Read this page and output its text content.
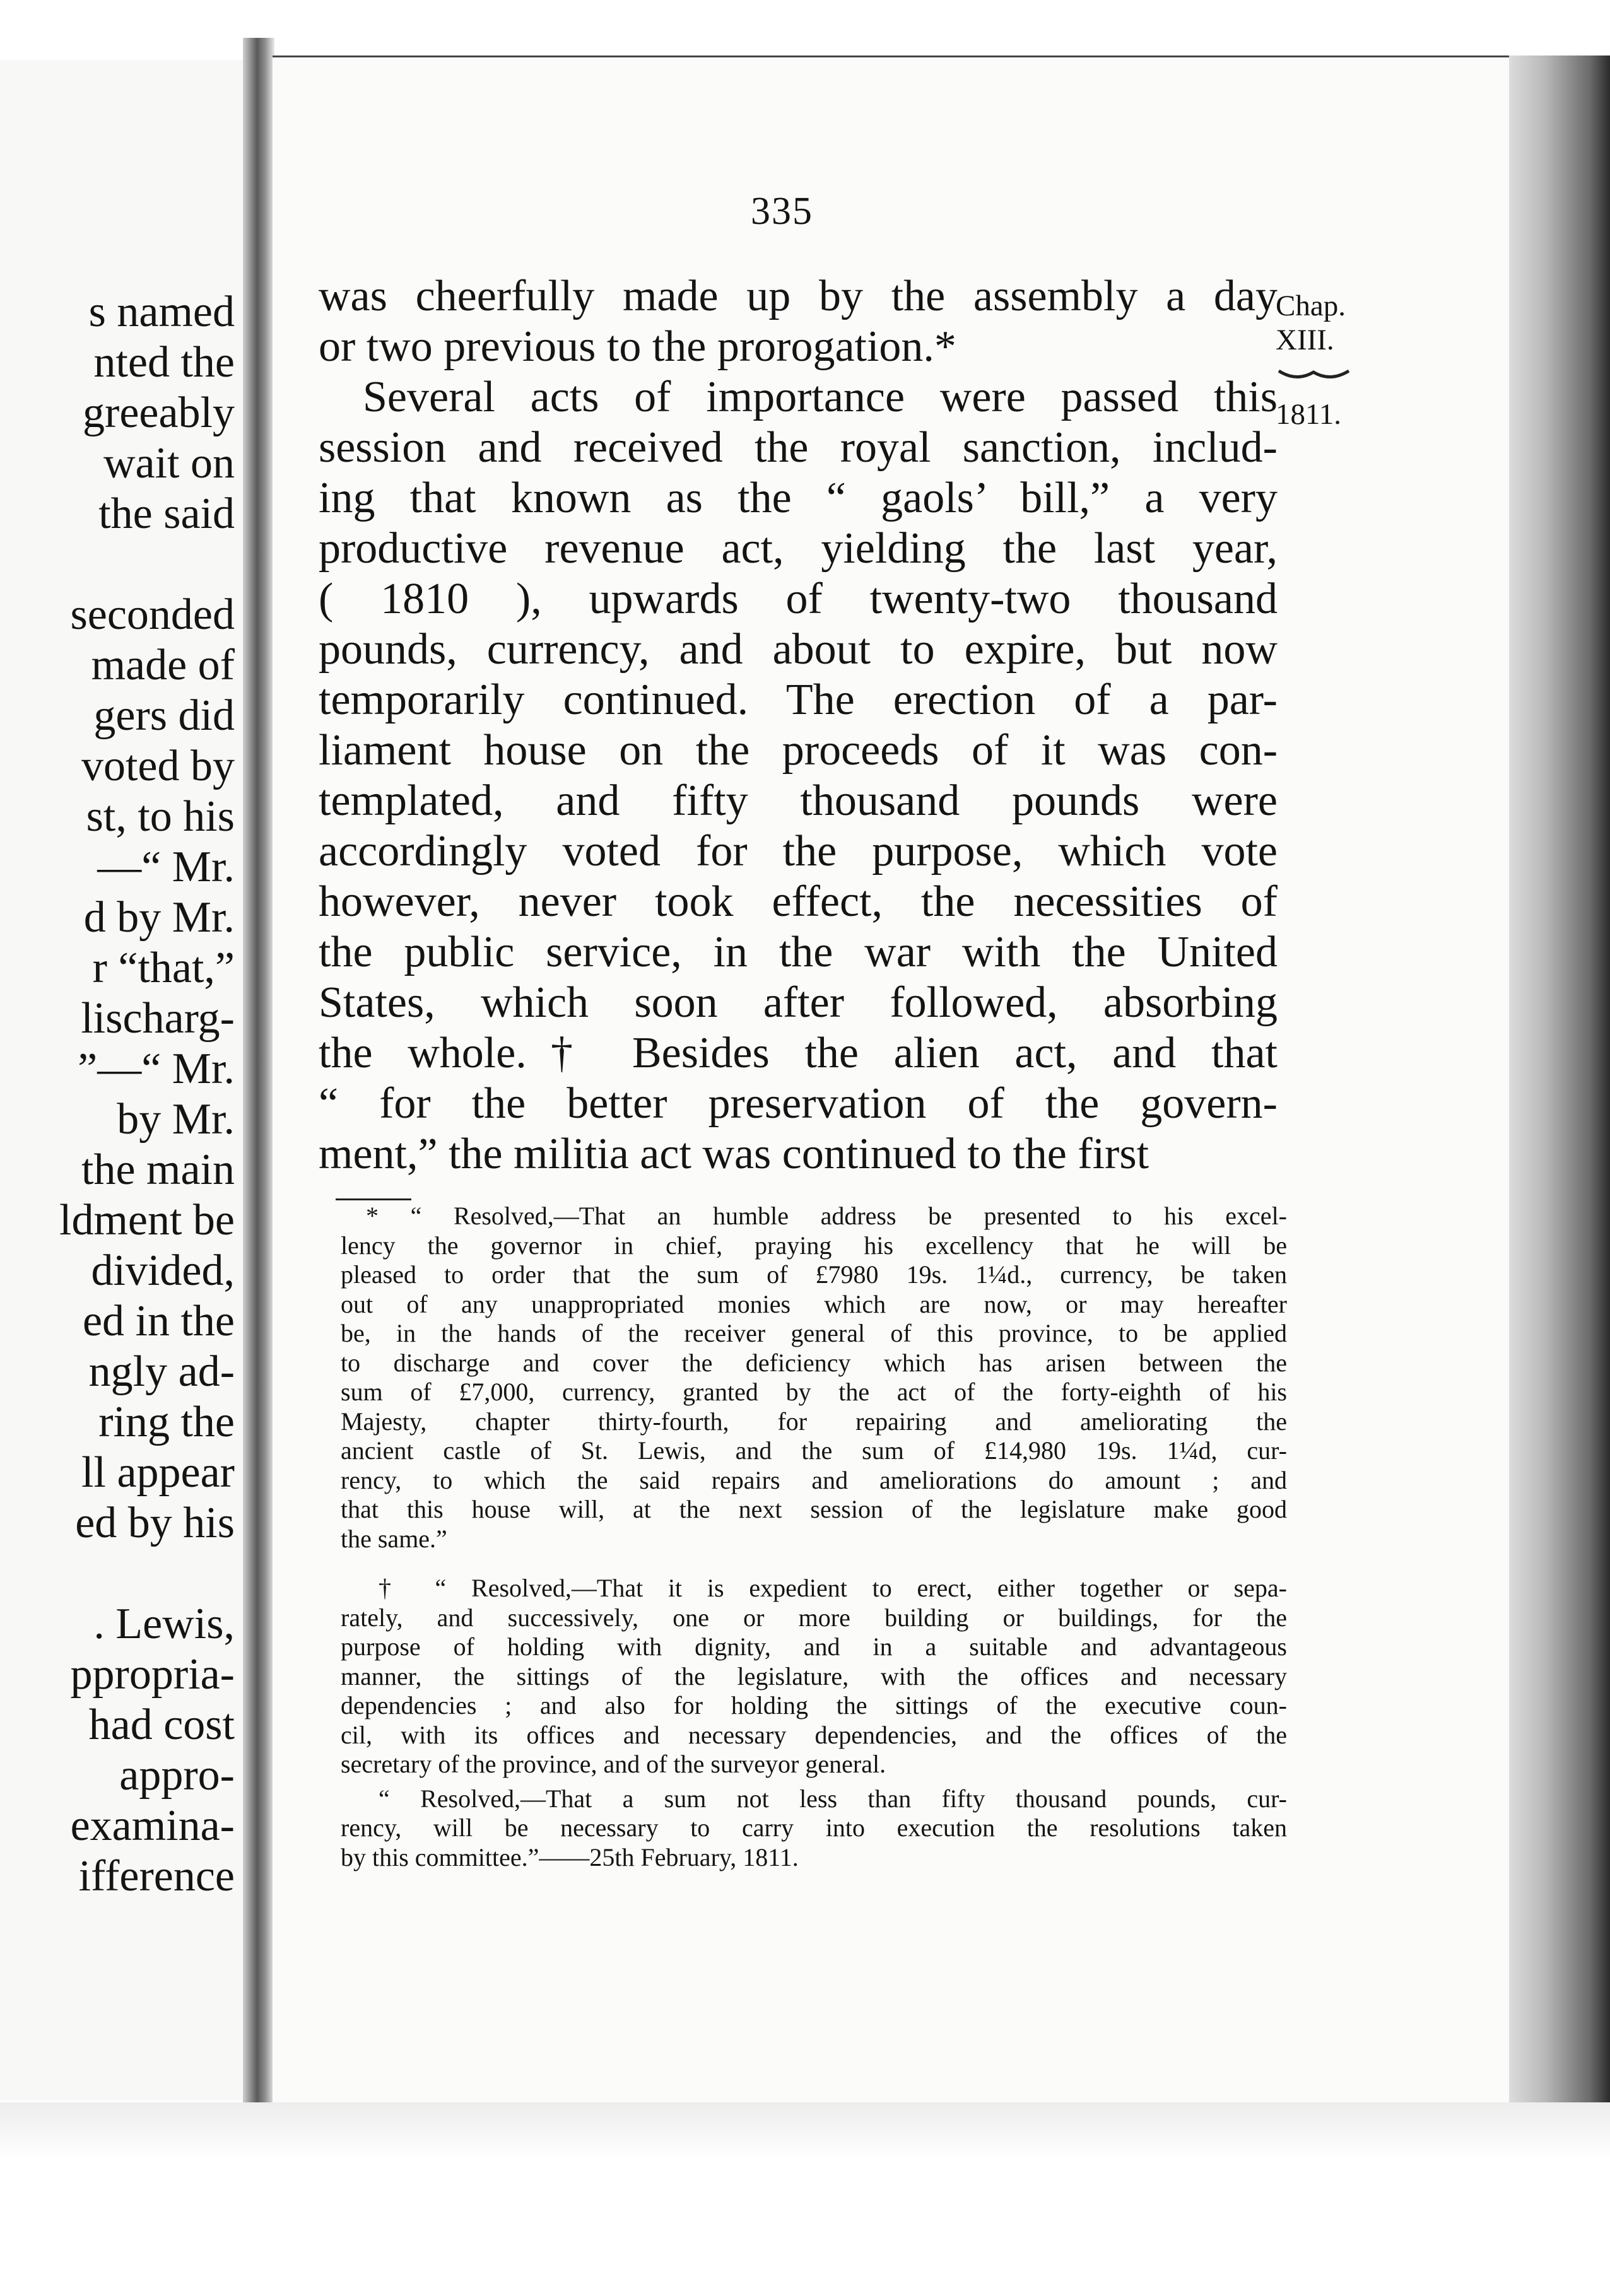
s named
nted the
greeably
wait on
the said
seconded
made of
gers did
voted by
st, to his
—“ Mr.
d by Mr.
r “that,”
lischarg-
”—“ Mr.
by Mr.
the main
ldment be
divided,
ed in the
ngly ad-
ring the
ll appear
ed by his
. Lewis,
ppropria-
had cost
appro-
examina-
ifference
335
Chap.
XIII.
1811.
was cheerfully made up by the assembly a day
or two previous to the prorogation.*
Several acts of importance were passed this
session and received the royal sanction, includ-
ing that known as the “ gaols’ bill,” a very
productive revenue act, yielding the last year,
( 1810 ), upwards of twenty-two thousand
pounds, currency, and about to expire, but now
temporarily continued. The erection of a par-
liament house on the proceeds of it was con-
templated, and fifty thousand pounds were
accordingly voted for the purpose, which vote
however, never took effect, the necessities of
the public service, in the war with the United
States, which soon after followed, absorbing
the whole.† Besides the alien act, and that
“ for the better preservation of the govern-
ment,” the militia act was continued to the first
* “ Resolved,—That an humble address be presented to his excel-
lency the governor in chief, praying his excellency that he will be
pleased to order that the sum of £7980 19s. 1¼d., currency, be taken
out of any unappropriated monies which are now, or may hereafter
be, in the hands of the receiver general of this province, to be applied
to discharge and cover the deficiency which has arisen between the
sum of £7,000, currency, granted by the act of the forty-eighth of his
Majesty, chapter thirty-fourth, for repairing and ameliorating the
ancient castle of St. Lewis, and the sum of £14,980 19s. 1¼d, cur-
rency, to which the said repairs and ameliorations do amount ; and
that this house will, at the next session of the legislature make good
the same.”
† “ Resolved,—That it is expedient to erect, either together or sepa-
rately, and successively, one or more building or buildings, for the
purpose of holding with dignity, and in a suitable and advantageous
manner, the sittings of the legislature, with the offices and necessary
dependencies ; and also for holding the sittings of the executive coun-
cil, with its offices and necessary dependencies, and the offices of the
secretary of the province, and of the surveyor general.
“ Resolved,—That a sum not less than fifty thousand pounds, cur-
rency, will be necessary to carry into execution the resolutions taken
by this committee.”——25th February, 1811.
